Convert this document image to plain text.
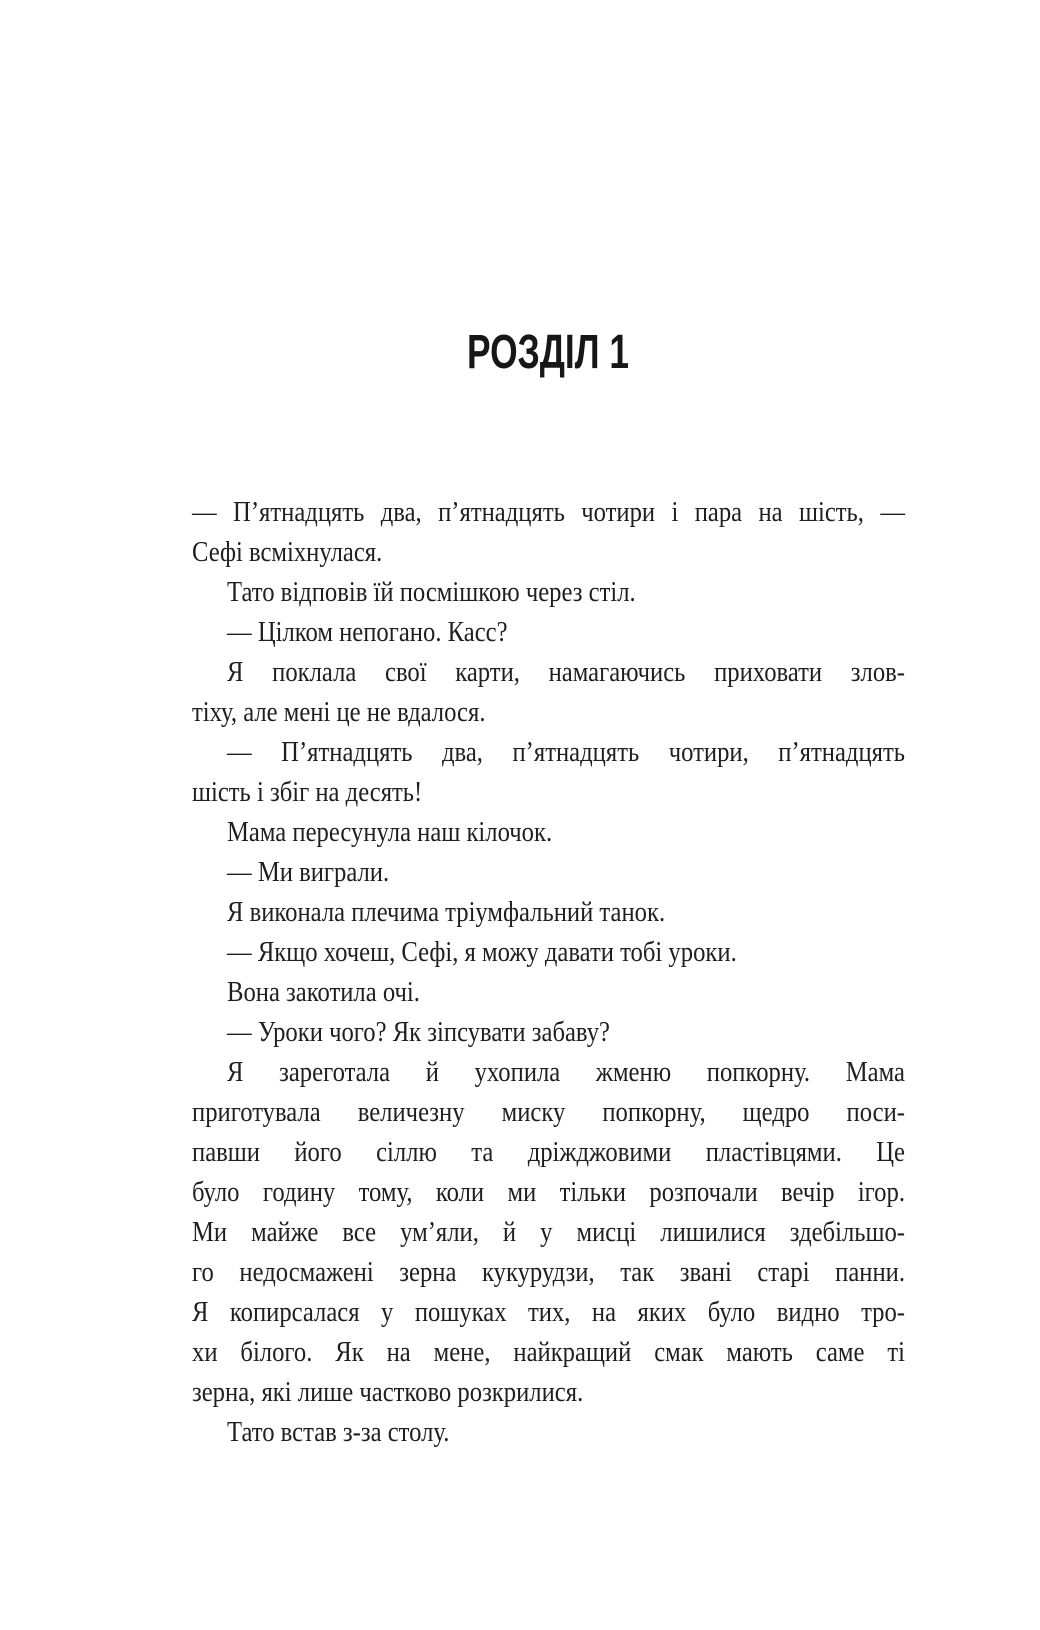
РОЗДІЛ 1
— П’ятнадцять два, п’ятнадцять чотири і пара на шість, —
Сефі всміхнулася.
Тато відповів їй посмішкою через стіл.
— Цілком непогано. Касс?
Я поклала свої карти, намагаючись приховати злов-
тіху, але мені це не вдалося.
— П’ятнадцять два, п’ятнадцять чотири, п’ятнадцять
шість і збіг на десять!
Мама пересунула наш кілочок.
— Ми виграли.
Я виконала плечима тріумфальний танок.
— Якщо хочеш, Сефі, я можу давати тобі уроки.
Вона закотила очі.
— Уроки чого? Як зіпсувати забаву?
Я зареготала й ухопила жменю попкорну. Мама
приготувала величезну миску попкорну, щедро поси-
павши його сіллю та дріжджовими пластівцями. Це
було годину тому, коли ми тільки розпочали вечір ігор.
Ми майже все ум’яли, й у мисці лишилися здебільшо-
го недосмажені зерна кукурудзи, так звані старі панни.
Я копирсалася у пошуках тих, на яких було видно тро-
хи білого. Як на мене, найкращий смак мають саме ті
зерна, які лише частково розкрилися.
Тато встав з-за столу.
